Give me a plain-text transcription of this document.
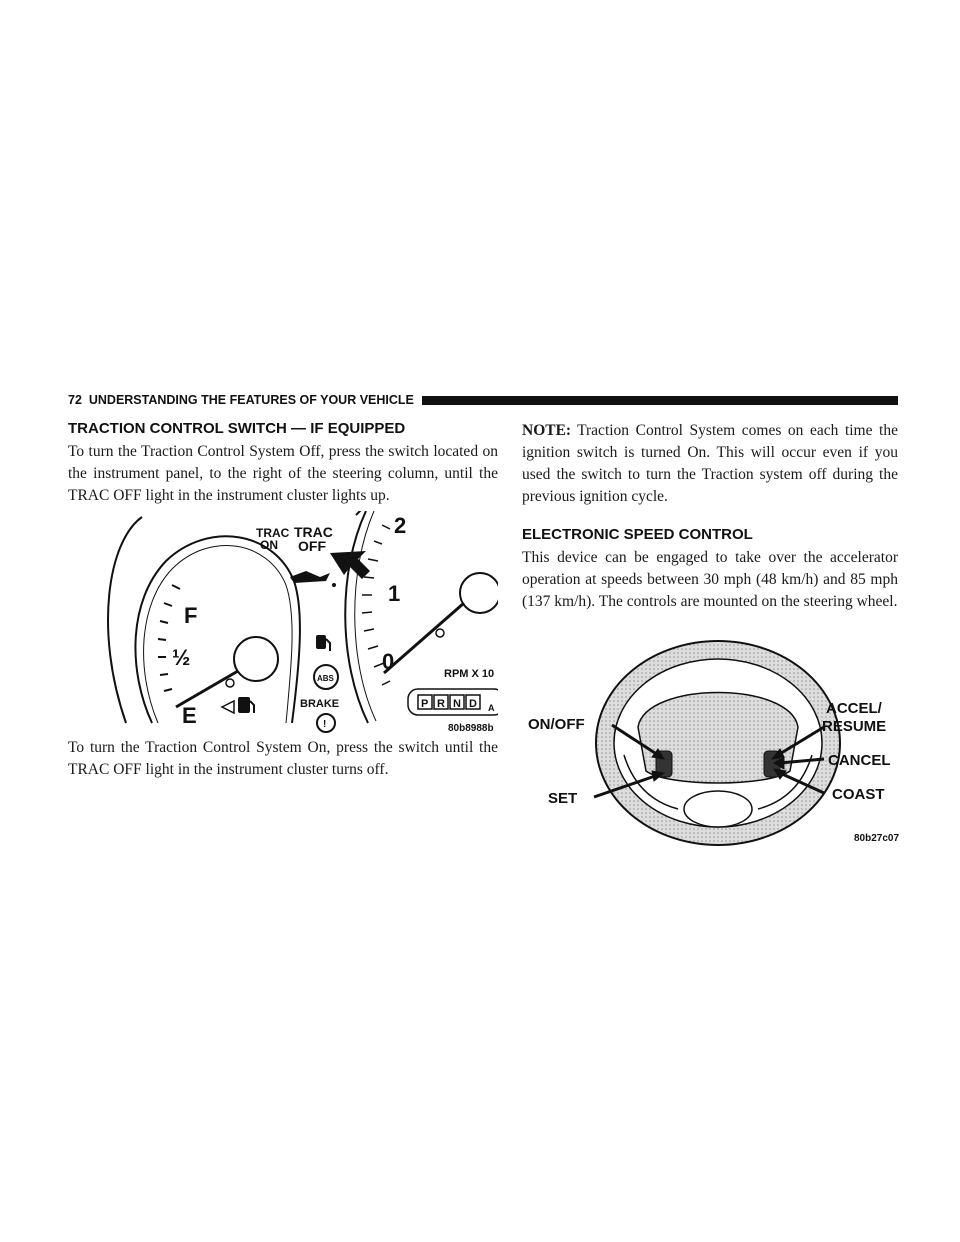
72 UNDERSTANDING THE FEATURES OF YOUR VEHICLE
TRACTION CONTROL SWITCH — IF EQUIPPED

To turn the Traction Control System Off, press the switch located on the instrument panel, to the right of the steering column, until the TRAC OFF light in the instrument cluster lights up.

F
½
E
TRAC
ON
TRAC
OFF
ABS
BRAKE
!
2
1
0	RPM X 10
P R N D A
80b8988b

To turn the Traction Control System On, press the switch until the TRAC OFF light in the instrument cluster turns off.

NOTE: Traction Control System comes on each time the ignition switch is turned On. This will occur even if you used the switch to turn the Traction system off during the previous ignition cycle.

ELECTRONIC SPEED CONTROL

This device can be engaged to take over the accelerator operation at speeds between 30 mph (48 km/h) and 85 mph (137 km/h). The controls are mounted on the steering wheel.

ON/OFF
SET
ACCEL/
RESUME
CANCEL
COAST
80b27c07
